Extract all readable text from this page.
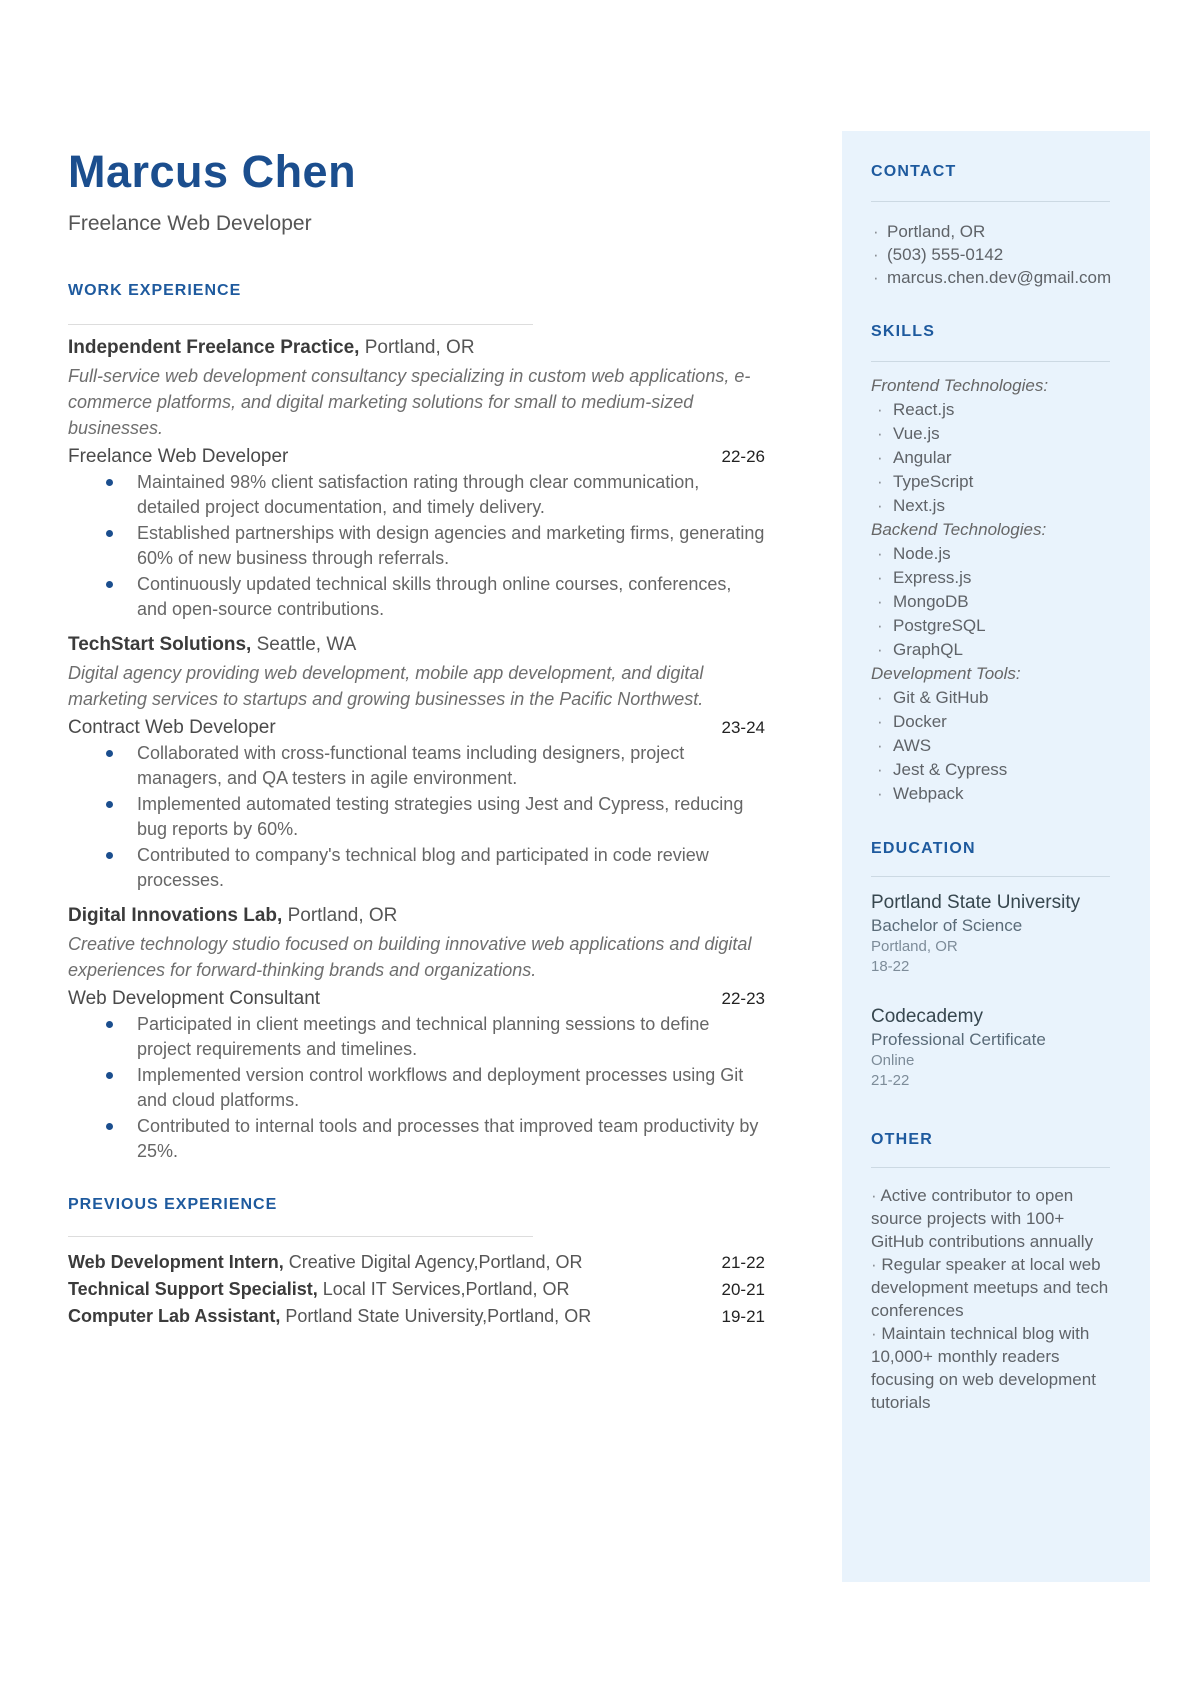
Marcus Chen
Freelance Web Developer
WORK EXPERIENCE
Independent Freelance Practice, Portland, OR
Full-service web development consultancy specializing in custom web applications, e-commerce platforms, and digital marketing solutions for small to medium-sized businesses.
Freelance Web Developer	22-26
Maintained 98% client satisfaction rating through clear communication, detailed project documentation, and timely delivery.
Established partnerships with design agencies and marketing firms, generating 60% of new business through referrals.
Continuously updated technical skills through online courses, conferences, and open-source contributions.
TechStart Solutions, Seattle, WA
Digital agency providing web development, mobile app development, and digital marketing services to startups and growing businesses in the Pacific Northwest.
Contract Web Developer	23-24
Collaborated with cross-functional teams including designers, project managers, and QA testers in agile environment.
Implemented automated testing strategies using Jest and Cypress, reducing bug reports by 60%.
Contributed to company's technical blog and participated in code review processes.
Digital Innovations Lab, Portland, OR
Creative technology studio focused on building innovative web applications and digital experiences for forward-thinking brands and organizations.
Web Development Consultant	22-23
Participated in client meetings and technical planning sessions to define project requirements and timelines.
Implemented version control workflows and deployment processes using Git and cloud platforms.
Contributed to internal tools and processes that improved team productivity by 25%.
PREVIOUS EXPERIENCE
Web Development Intern, Creative Digital Agency,Portland, OR	21-22
Technical Support Specialist, Local IT Services,Portland, OR	20-21
Computer Lab Assistant, Portland State University,Portland, OR	19-21
CONTACT
· Portland, OR
· (503) 555-0142
· marcus.chen.dev@gmail.com
SKILLS
Frontend Technologies:
· React.js
· Vue.js
· Angular
· TypeScript
· Next.js
Backend Technologies:
· Node.js
· Express.js
· MongoDB
· PostgreSQL
· GraphQL
Development Tools:
· Git & GitHub
· Docker
· AWS
· Jest & Cypress
· Webpack
EDUCATION
Portland State University
Bachelor of Science
Portland, OR
18-22
Codecademy
Professional Certificate
Online
21-22
OTHER
· Active contributor to open source projects with 100+ GitHub contributions annually
· Regular speaker at local web development meetups and tech conferences
· Maintain technical blog with 10,000+ monthly readers focusing on web development tutorials
